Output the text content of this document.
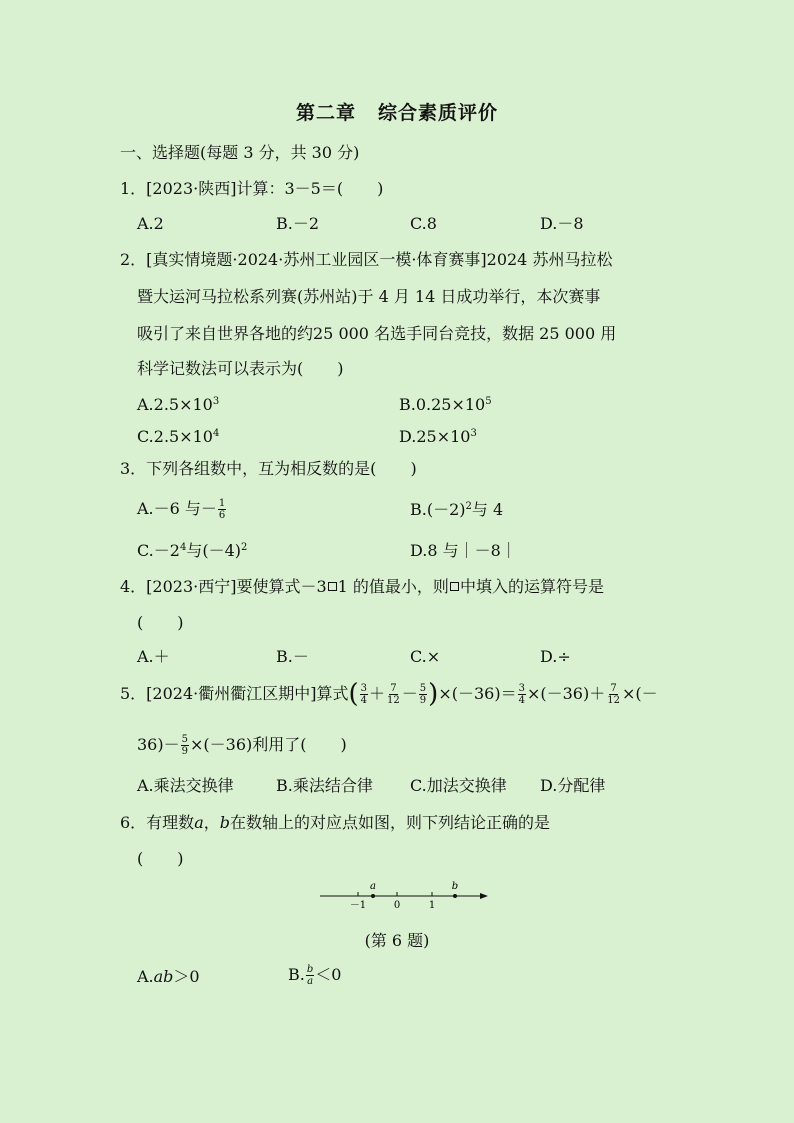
第二章 综合素质评价
一、选择题(每题 3 分，共 30 分)
1．[2023·陕西]计算：3－5＝( )
A.2	B.－2	C.8	D.－8
2．[真实情境题·2024·苏州工业园区一模·体育赛事]2024 苏州马拉松
暨大运河马拉松系列赛(苏州站)于 4 月 14 日成功举行，本次赛事
吸引了来自世界各地的约25 000 名选手同台竞技，数据 25 000 用
科学记数法可以表示为( )
$A.2.5\times 10^3$	$B.0.25\times 10^5$
$C.2.5\times 10^4$	$D.25\times 10^3$
3．下列各组数中，互为相反数的是( )
A.－6 与－ $\frac{1}{6}$	$B.(-2)^2$与 4
$C.-2^4$与$(-4)^2$	D.8 与｜－8｜
4．[2023·西宁]要使算式－3 1 的值最小，则 中填入的运算符号是
( )
A.＋	B.－	C.×	D.÷
5．[2024·衢州衢江区期中]算式( $\frac{3}{4} + \frac{7}{12} - \frac{5}{9} )\times(-36)= \frac{3}{4} \times(-36)+ \frac{7}{12}$ ×(－
$36)- \frac{5}{9} \times(-36)$利用了( )
A.乘法交换律	B.乘法结合律 C.加法交换律 D.分配律
6．有理数a，b在数轴上的对应点如图，则下列结论正确的是
( )
a	b
－1	0	1
(第 6 题)
A.ab＞0	B. $\frac{b}{a} <0$
